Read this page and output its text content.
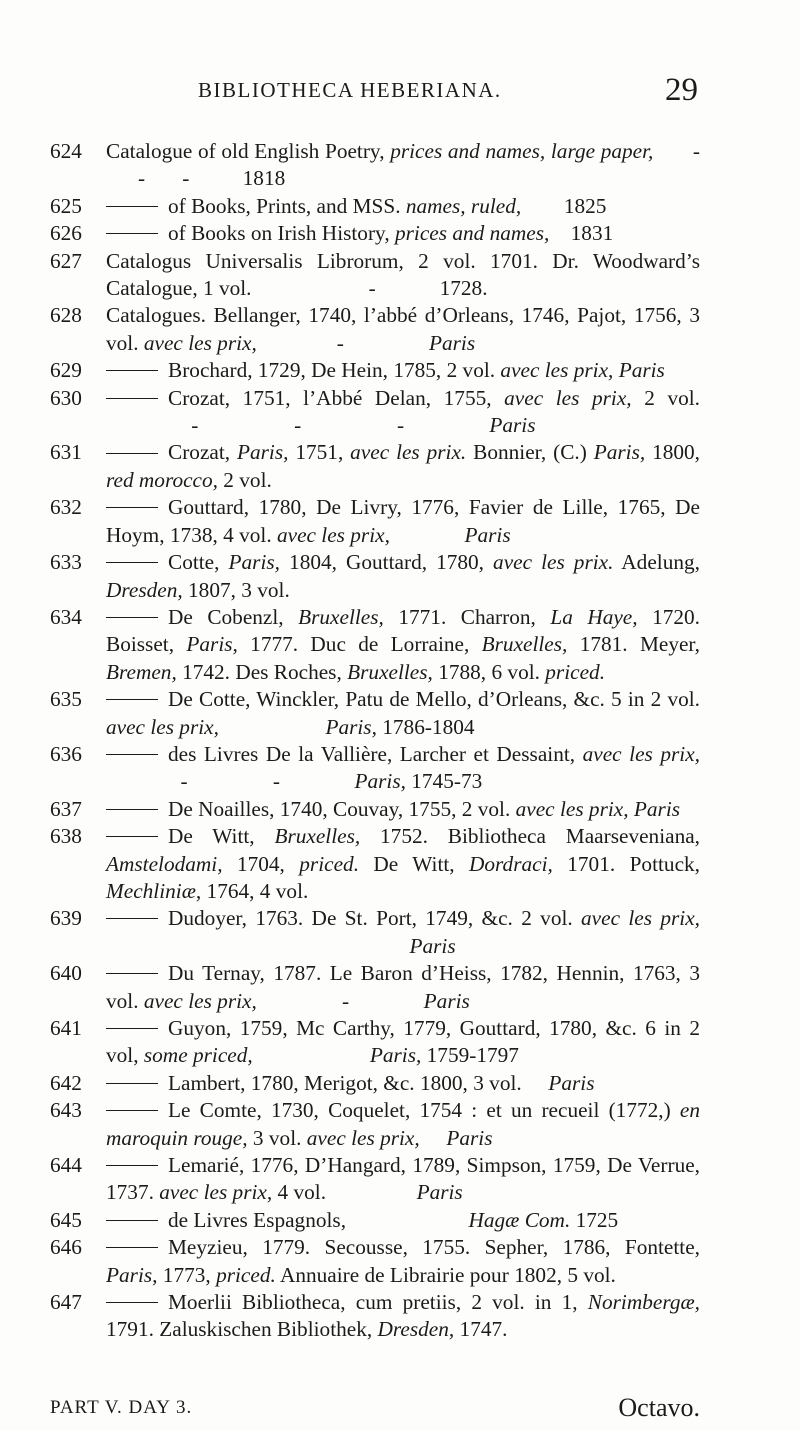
BIBLIOTHECA HEBERIANA.	29
624	Catalogue of old English Poetry, prices and names, large paper,       -       -       -          1818
625	of Books, Prints, and MSS. names, ruled,        1825
626	of Books on Irish History, prices and names,    1831
627	Catalogus Universalis Librorum, 2 vol. 1701. Dr. Woodward’s Catalogue, 1 vol.                      -            1728.
628	Catalogues. Bellanger, 1740, l’abbé d’Orleans, 1746, Pajot, 1756, 3 vol. avec les prix,               -                Paris
629	Brochard, 1729, De Hein, 1785, 2 vol. avec les prix, Paris
630	Crozat, 1751, l’Abbé Delan, 1755, avec les prix, 2 vol.                 -                  -                  -                Paris
631	Crozat, Paris, 1751, avec les prix. Bonnier, (C.) Paris, 1800, red morocco, 2 vol.
632	Gouttard, 1780, De Livry, 1776, Favier de Lille, 1765, De Hoym, 1738, 4 vol. avec les prix,	Paris
633	Cotte, Paris, 1804, Gouttard, 1780, avec les prix. Adelung, Dresden, 1807, 3 vol.
634	De Cobenzl, Bruxelles, 1771. Charron, La Haye, 1720. Boisset, Paris, 1777. Duc de Lorraine, Bruxelles, 1781. Meyer, Bremen, 1742. Des Roches, Bruxelles, 1788, 6 vol. priced.
635	De Cotte, Winckler, Patu de Mello, d’Orleans, &c. 5 in 2 vol. avec les prix,	Paris, 1786-1804
636	des Livres De la Vallière, Larcher et Dessaint, avec les prix,               -                -              Paris, 1745-73
637	De Noailles, 1740, Couvay, 1755, 2 vol. avec les prix, Paris
638	De Witt, Bruxelles, 1752. Bibliotheca Maarseveniana, Amstelodami, 1704, priced. De Witt, Dordraci, 1701. Pottuck, Mechliniæ, 1764, 4 vol.
639	Dudoyer, 1763. De St. Port, 1749, &c. 2 vol. avec les prix,                                                          Paris
640	Du Ternay, 1787. Le Baron d’Heiss, 1782, Hennin, 1763, 3 vol. avec les prix,                -              Paris
641	Guyon, 1759, Mc Carthy, 1779, Gouttard, 1780, &c. 6 in 2 vol, some priced,	Paris, 1759-1797
642	Lambert, 1780, Merigot, &c. 1800, 3 vol.     Paris
643	Le Comte, 1730, Coquelet, 1754 : et un recueil (1772,) en maroquin rouge, 3 vol. avec les prix, Paris
644	Lemarié, 1776, D’Hangard, 1789, Simpson, 1759, De Verrue, 1737. avec les prix, 4 vol.                 Paris
645	de Livres Espagnols,                       Hagæ Com. 1725
646	Meyzieu, 1779. Secousse, 1755. Sepher, 1786, Fontette, Paris, 1773, priced. Annuaire de Librairie pour 1802, 5 vol.
647	Moerlii Bibliotheca, cum pretiis, 2 vol. in 1, Norimbergæ, 1791. Zaluskischen Bibliothek, Dresden, 1747.
PART V. DAY 3.	Octavo.
